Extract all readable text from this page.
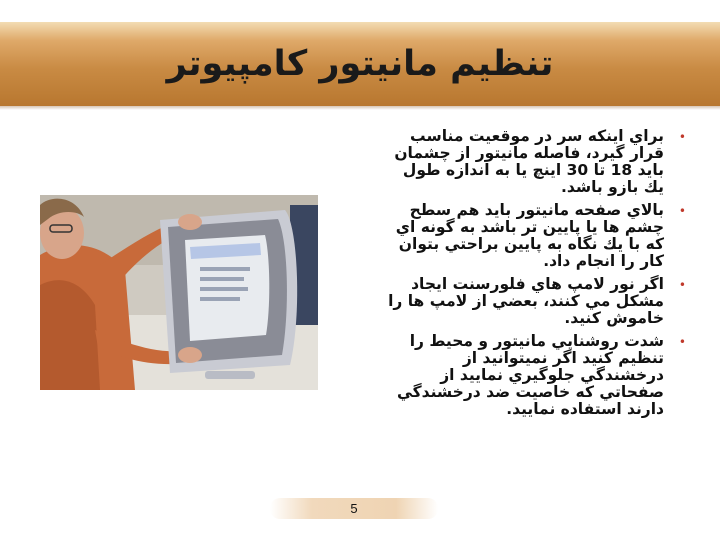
تنظيم مانيتور كامپيوتر
•
براي اينكه سر در موقعيت مناسب قرار گيرد، فاصله مانيتور از چشمان بايد 18 تا 30 اينچ يا به اندازه طول يك بازو باشد.
•
بالاي صفحه مانيتور بايد هم سطح چشم ها يا پايين تر باشد به گونه اي كه با يك نگاه به پايين براحتي بتوان كار را انجام داد.
•
اگر نور لامپ هاي فلورسنت ايجاد مشكل مي كنند، بعضي از لامپ ها را خاموش كنيد.
•
شدت روشنايي مانيتور و محيط را تنظيم كنيد اگر نميتوانيد از درخشندگي جلوگيري نماييد از صفحاتي كه خاصيت ضد درخشندگي دارند استفاده نماييد.
5
